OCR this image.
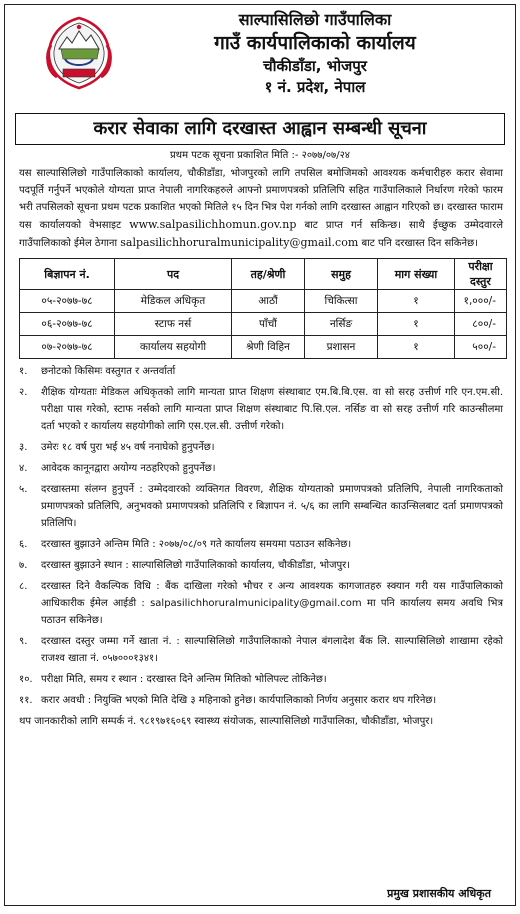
साल्पासिलिछो गाउँपालिका
गाउँ कार्यपालिकाको कार्यालय
चौकीडाँडा, भोजपुर
१ नं. प्रदेश, नेपाल
करार सेवाका लागि दरखास्त आह्वान सम्बन्धी सूचना
प्रथम पटक सूचना प्रकाशित मिति :- २०७७/०७/२४
यस साल्पासिलिछो गाउँपालिकाको कार्यालय, चौकीडाँडा, भोजपुरको लागि तपसिल बमोजिमको आवश्यक कर्मचारीहरु करार सेवामा पदपूर्ति गर्नुपर्ने भएकोले योग्यता प्राप्त नेपाली नागरिकहरुले आफ्नो प्रमाणपत्रको प्रतिलिपि सहित गाउँपालिकाले निर्धारण गरेको फारम भरी तपसिलको सूचना प्रथम पटक प्रकाशित भएको मितिले १५ दिन भित्र पेश गर्नको लागि दरखास्त आह्वान गरिएको छ। दरखास्त फाराम यस कार्यालयको वेभसाइट www.salpasilichhomun.gov.np बाट प्राप्त गर्न सकिन्छ। साथै ईच्छुक उम्मेदवारले गाउँपालिकाको ईमेल ठेगाना salpasilichhoruralmunicipality@gmail.com बाट पनि दरखास्त दिन सकिनेछ।
बिज्ञापन नं.	पद	तह/श्रेणी	समुह	माग संख्या	परीक्षा दस्तुर
०५-२०७७-७८	मेडिकल अधिकृत	आठौं	चिकित्सा	१	१,०००/-
०६-२०७७-७८	स्टाफ नर्स	पाँचौं	नर्सिङ	१	८००/-
०७-२०७७-७८	कार्यालय सहयोगी	श्रेणी विहिन	प्रशासन	१	५००/-
१.	छनोटको किसिमः वस्तुगत र अन्तर्वार्ता
२.	शैक्षिक योग्यताः मेडिकल अधिकृतको लागि मान्यता प्राप्त शिक्षण संस्थाबाट एम.बि.बि.एस. वा सो सरह उत्तीर्ण गरि एन.एम.सी. परीक्षा पास गरेको, स्टाफ नर्सको लागि मान्यता प्राप्त शिक्षण संस्थाबाट पि.सि.एल. नर्सिङ वा सो सरह उत्तीर्ण गरि काउन्सीलमा दर्ता भएको र कार्यालय सहयोगीको लागि एस.एल.सी. उत्तीर्ण गरेको।
३.	उमेरः १८ वर्ष पुरा भई ४५ वर्ष ननाघेको हुनुपर्नेछ।
४.	आवेदक कानूनद्वारा अयोग्य नठहरिएको हुनुपर्नेछ।
५.	दरखास्तमा संलग्न हुनुपर्ने : उम्मेदवारको व्यक्तिगत विवरण, शैक्षिक योग्यताको प्रमाणपत्रको प्रतिलिपि, नेपाली नागरिकताको प्रमाणपत्रको प्रतिलिपि, अनुभवको प्रमाणपत्रको प्रतिलिपि र बिज्ञापन नं. ५/६ का लागि सम्बन्धित काउन्सिलबाट दर्ता प्रमाणपत्रको प्रतिलिपि।
६.	दरखास्त बुझाउने अन्तिम मिति : २०७७/०८/०९ गते कार्यालय समयमा पठाउन सकिनेछ।
७.	दरखास्त बुझाउने स्थान : साल्पासिलिछो गाउँपालिकाको कार्यालय, चौकीडाँडा, भोजपुर।
८.	दरखास्त दिने वैकल्पिक विधि : बैंक दाखिला गरेको भौचर र अन्य आवश्यक कागजातहरु स्क्यान गरी यस गाउँपालिकाको आधिकारीक ईमेल आईडी : salpasilichhoruralmunicipality@gmail.com मा पनि कार्यालय समय अवधि भित्र पठाउन सकिनेछ।
९.	दरखास्त दस्तुर जम्मा गर्ने खाता नं. : साल्पासिलिछो गाउँपालिकाको नेपाल बंगलादेश बैंक लि. साल्पासिलिछो शाखामा रहेको राजश्व खाता नं. ०५७०००१३४१।
१०. परीक्षा मिति, समय र स्थान : दरखास्त दिने अन्तिम मितिको भोलिपल्ट तोकिनेछ।
११. करार अवधी : नियुक्ति भएको मिति देखि ३ महिनाको हुनेछ। कार्यपालिकाको निर्णय अनुसार करार थप गरिनेछ।
थप जानकारीको लागि सम्पर्क नं. ९८१९७१६०६९ स्वास्थ्य संयोजक, साल्पासिलिछो गाउँपालिका, चौकीडाँडा, भोजपुर।
प्रमुख प्रशासकीय अधिकृत
